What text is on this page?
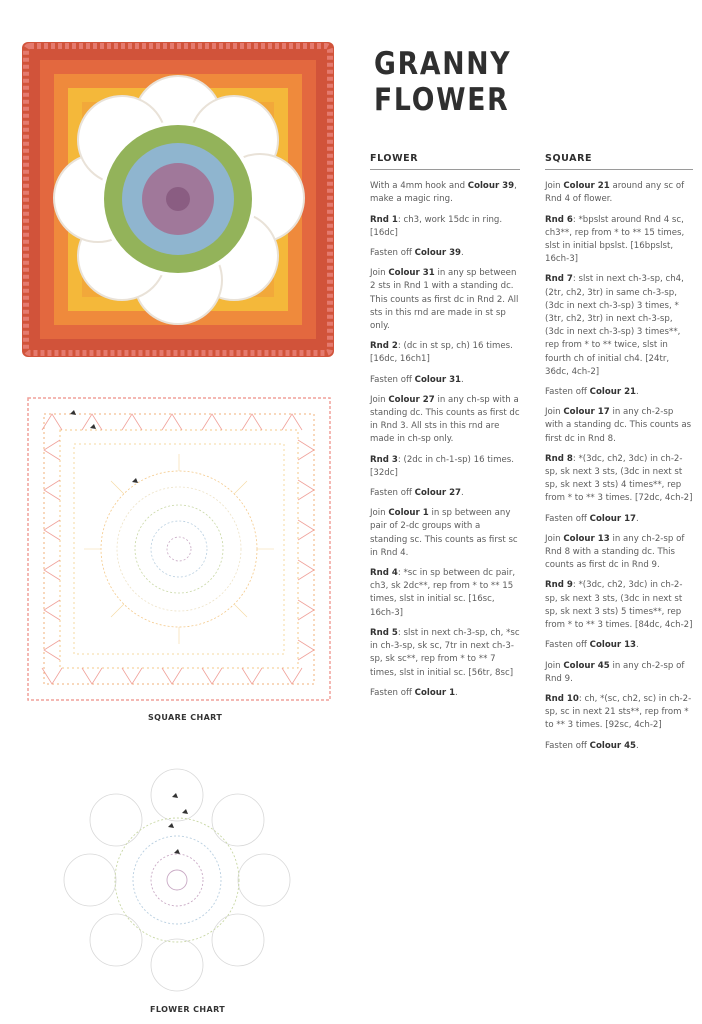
SQUARE CHART
FLOWER CHART
GRANNY FLOWER
FLOWER

With a 4mm hook and Colour 39, make a magic ring.

Rnd 1: ch3, work 15dc in ring. [16dc]

Fasten off Colour 39.

Join Colour 31 in any sp between 2 sts in Rnd 1 with a standing dc. This counts as first dc in Rnd 2. All sts in this rnd are made in st sp only.

Rnd 2: (dc in st sp, ch) 16 times. [16dc, 16ch1]

Fasten off Colour 31.

Join Colour 27 in any ch-sp with a standing dc. This counts as first dc in Rnd 3. All sts in this rnd are made in ch-sp only.

Rnd 3: (2dc in ch-1-sp) 16 times. [32dc]

Fasten off Colour 27.

Join Colour 1 in sp between any pair of 2-dc groups with a standing sc. This counts as first sc in Rnd 4.

Rnd 4: *sc in sp between dc pair, ch3, sk 2dc**, rep from * to ** 15 times, slst in initial sc. [16sc, 16ch-3]

Rnd 5: slst in next ch-3-sp, ch, *sc in ch-3-sp, sk sc, 7tr in next ch-3-sp, sk sc**, rep from * to ** 7 times, slst in initial sc. [56tr, 8sc]

Fasten off Colour 1.

SQUARE

Join Colour 21 around any sc of Rnd 4 of flower.

Rnd 6: *bpslst around Rnd 4 sc, ch3**, rep from * to ** 15 times, slst in initial bpslst. [16bpslst, 16ch-3]

Rnd 7: slst in next ch-3-sp, ch4, (2tr, ch2, 3tr) in same ch-3-sp, (3dc in next ch-3-sp) 3 times, *(3tr, ch2, 3tr) in next ch-3-sp, (3dc in next ch-3-sp) 3 times**, rep from * to ** twice, slst in fourth ch of initial ch4. [24tr, 36dc, 4ch-2]

Fasten off Colour 21.

Join Colour 17 in any ch-2-sp with a standing dc. This counts as first dc in Rnd 8.

Rnd 8: *(3dc, ch2, 3dc) in ch-2-sp, sk next 3 sts, (3dc in next st sp, sk next 3 sts) 4 times**, rep from * to ** 3 times. [72dc, 4ch-2]

Fasten off Colour 17.

Join Colour 13 in any ch-2-sp of Rnd 8 with a standing dc. This counts as first dc in Rnd 9.

Rnd 9: *(3dc, ch2, 3dc) in ch-2-sp, sk next 3 sts, (3dc in next st sp, sk next 3 sts) 5 times**, rep from * to ** 3 times. [84dc, 4ch-2]

Fasten off Colour 13.

Join Colour 45 in any ch-2-sp of Rnd 9.

Rnd 10: ch, *(sc, ch2, sc) in ch-2-sp, sc in next 21 sts**, rep from * to ** 3 times. [92sc, 4ch-2]

Fasten off Colour 45.
